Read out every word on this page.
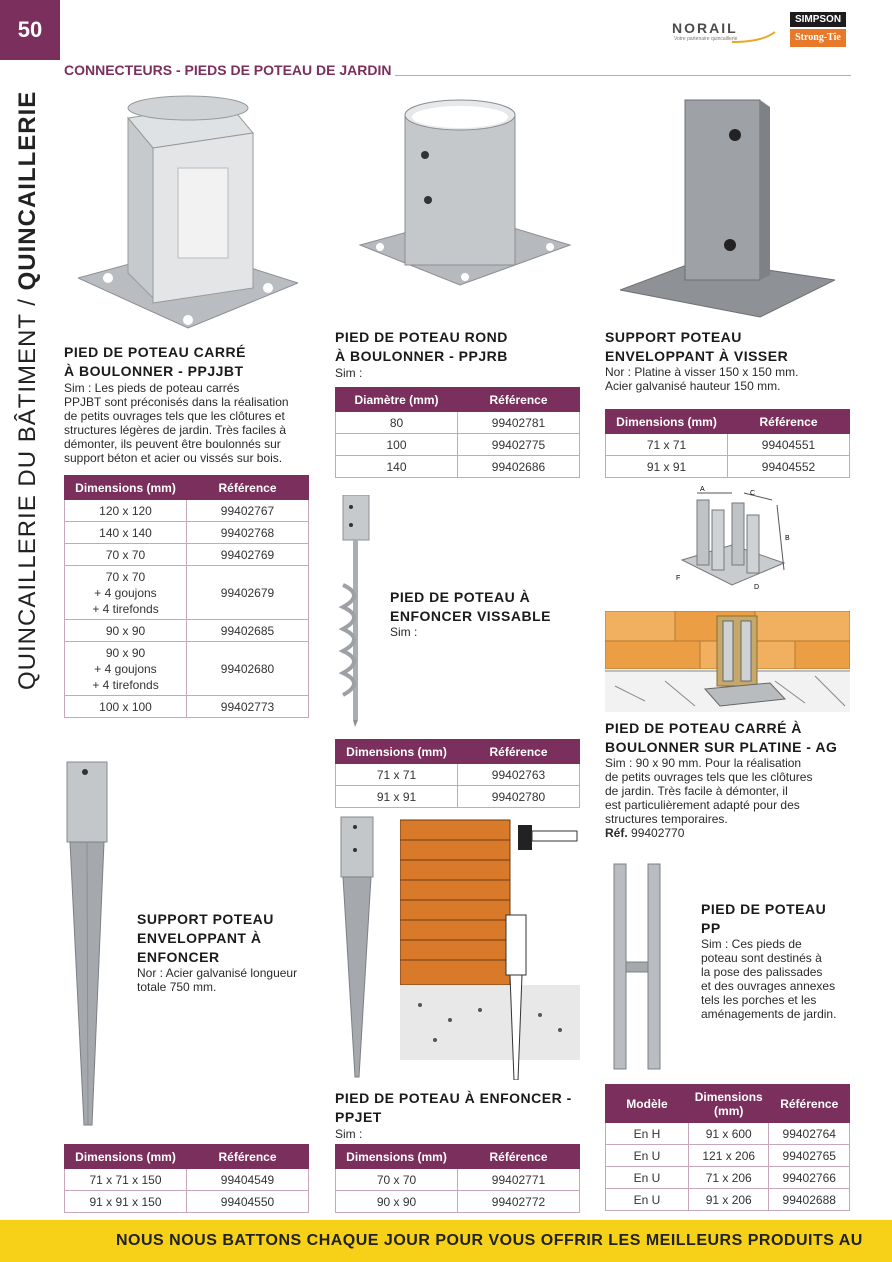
50
QUINCAILLERIE DU BÂTIMENT / QUINCAILLERIE
NORAIL
Votre partenaire quincaillerie
SIMPSON
Strong-Tie
CONNECTEURS - PIEDS DE POTEAU DE JARDIN
PIED DE POTEAU CARRÉ
À BOULONNER - PPJJBT
Sim : Les pieds de poteau carrés
PPJBT sont préconisés dans la réalisation
de petits ouvrages tels que les clôtures et
structures légères de jardin. Très faciles à
démonter, ils peuvent être boulonnés sur
support béton et acier ou vissés sur bois.
Dimensions (mm)	Référence
120 x 120	99402767
140 x 140	99402768
70 x 70	99402769
70 x 70
+ 4 goujons
+ 4 tirefonds	99402679
90 x 90	99402685
90 x 90
+ 4 goujons
+ 4 tirefonds	99402680
100 x 100	99402773
PIED DE POTEAU ROND
À BOULONNER - PPJRB
Sim :
Diamètre (mm)	Référence
80	99402781
100	99402775
140	99402686
SUPPORT POTEAU
ENVELOPPANT À VISSER
Nor : Platine à visser 150 x 150 mm.
Acier galvanisé hauteur 150 mm.
Dimensions (mm)	Référence
71 x 71	99404551
91 x 91	99404552
PIED DE POTEAU À
ENFONCER VISSABLE
Sim :
Dimensions (mm)	Référence
71 x 71	99402763
91 x 91	99402780
A
C
B
D
F
PIED DE POTEAU CARRÉ À
BOULONNER SUR PLATINE - AG
Sim : 90 x 90 mm. Pour la réalisation
de petits ouvrages tels que les clôtures
de jardin. Très facile à démonter, il
est particulièrement adapté pour des
structures temporaires.
Réf. 99402770
SUPPORT POTEAU
ENVELOPPANT À
ENFONCER
Nor : Acier galvanisé longueur
totale 750 mm.
Dimensions (mm)	Référence
71 x 71 x 150	99404549
91 x 91 x 150	99404550
PIED DE POTEAU À ENFONCER -
PPJET
Sim :
Dimensions (mm)	Référence
70 x 70	99402771
90 x 90	99402772
PIED DE POTEAU
PP
Sim : Ces pieds de
poteau sont destinés à
la pose des palissades
et des ouvrages annexes
tels les porches et les
aménagements de jardin.
Modèle	Dimensions (mm)	Référence
En H	91 x 600	99402764
En U	121 x 206	99402765
En U	71 x 206	99402766
En U	91 x 206	99402688
NOUS NOUS BATTONS CHAQUE JOUR POUR VOUS OFFRIR LES MEILLEURS PRODUITS AU
